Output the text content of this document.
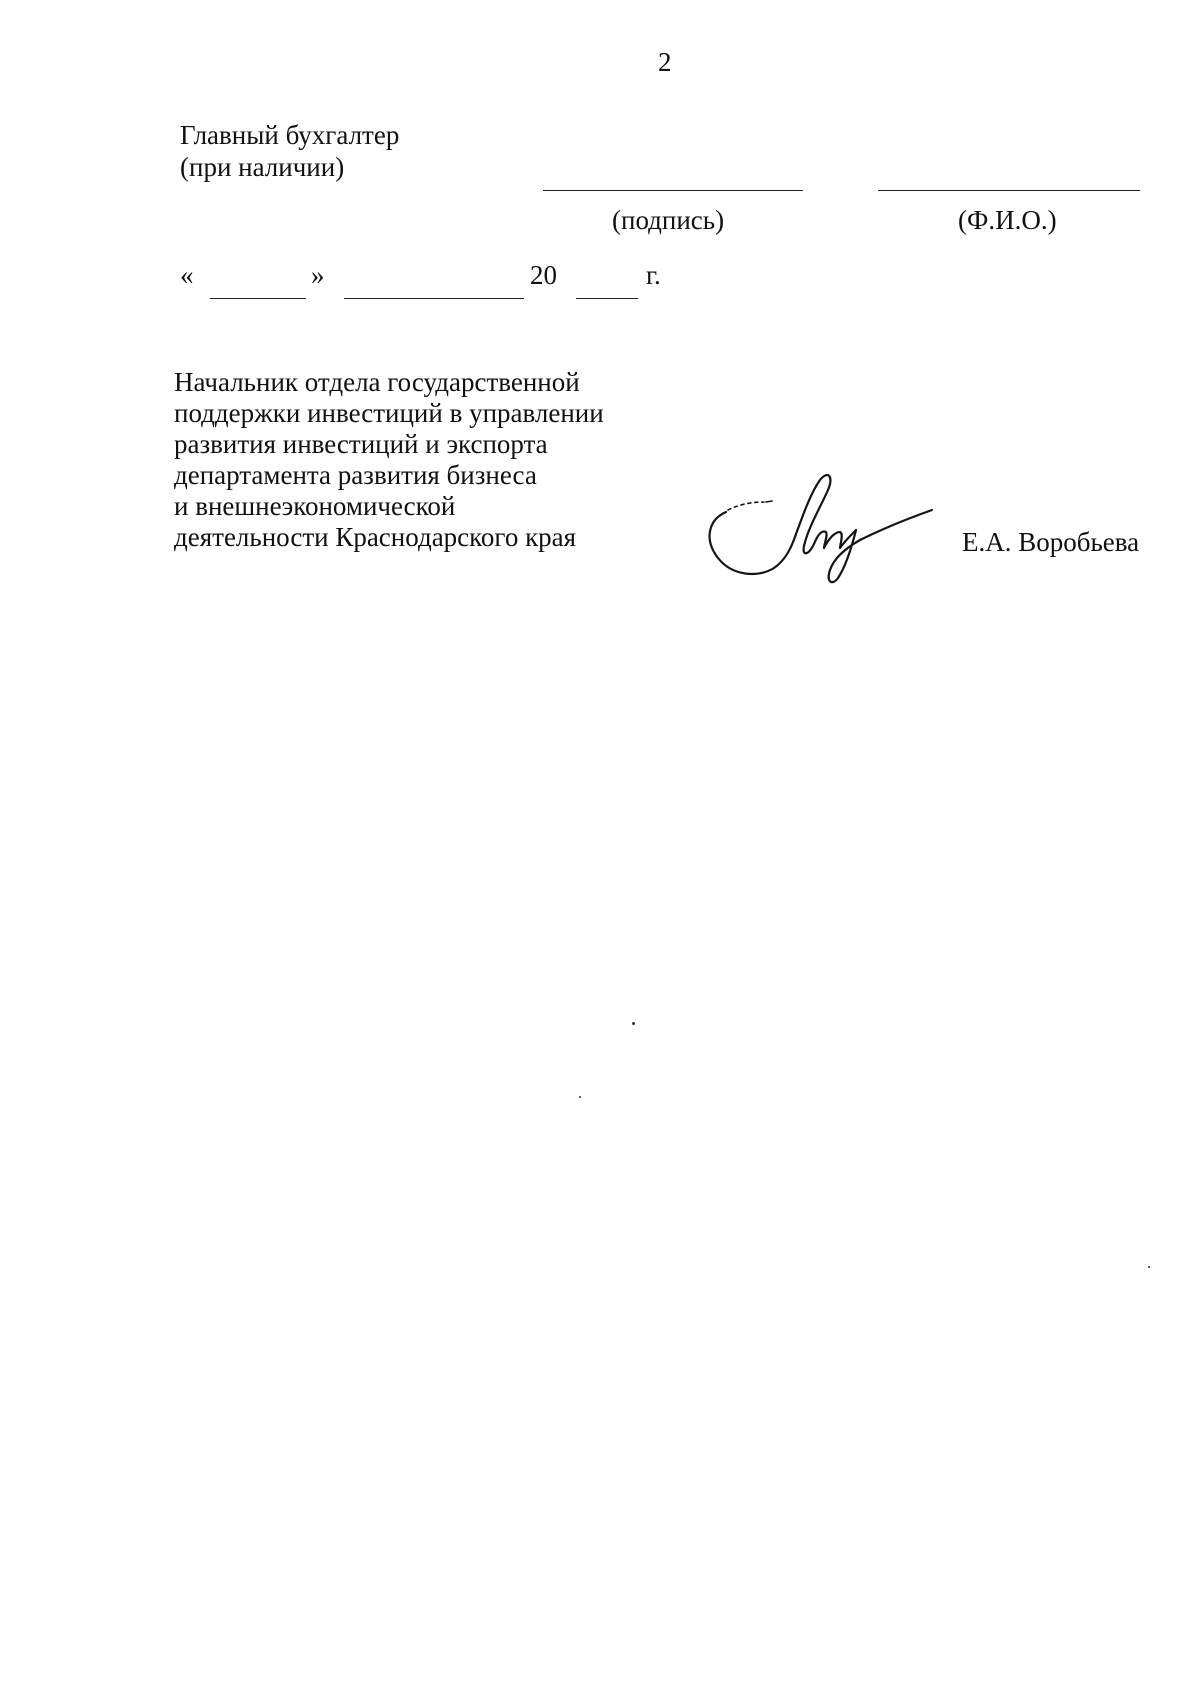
2
Главный бухгалтер
(при наличии)
(подпись)	(Ф.И.О.)
«	»	20	г.
Начальник отдела государственной
поддержки инвестиций в управлении
развития инвестиций и экспорта
департамента развития бизнеса
и внешнеэкономической
деятельности Краснодарского края	Е.А. Воробьева
